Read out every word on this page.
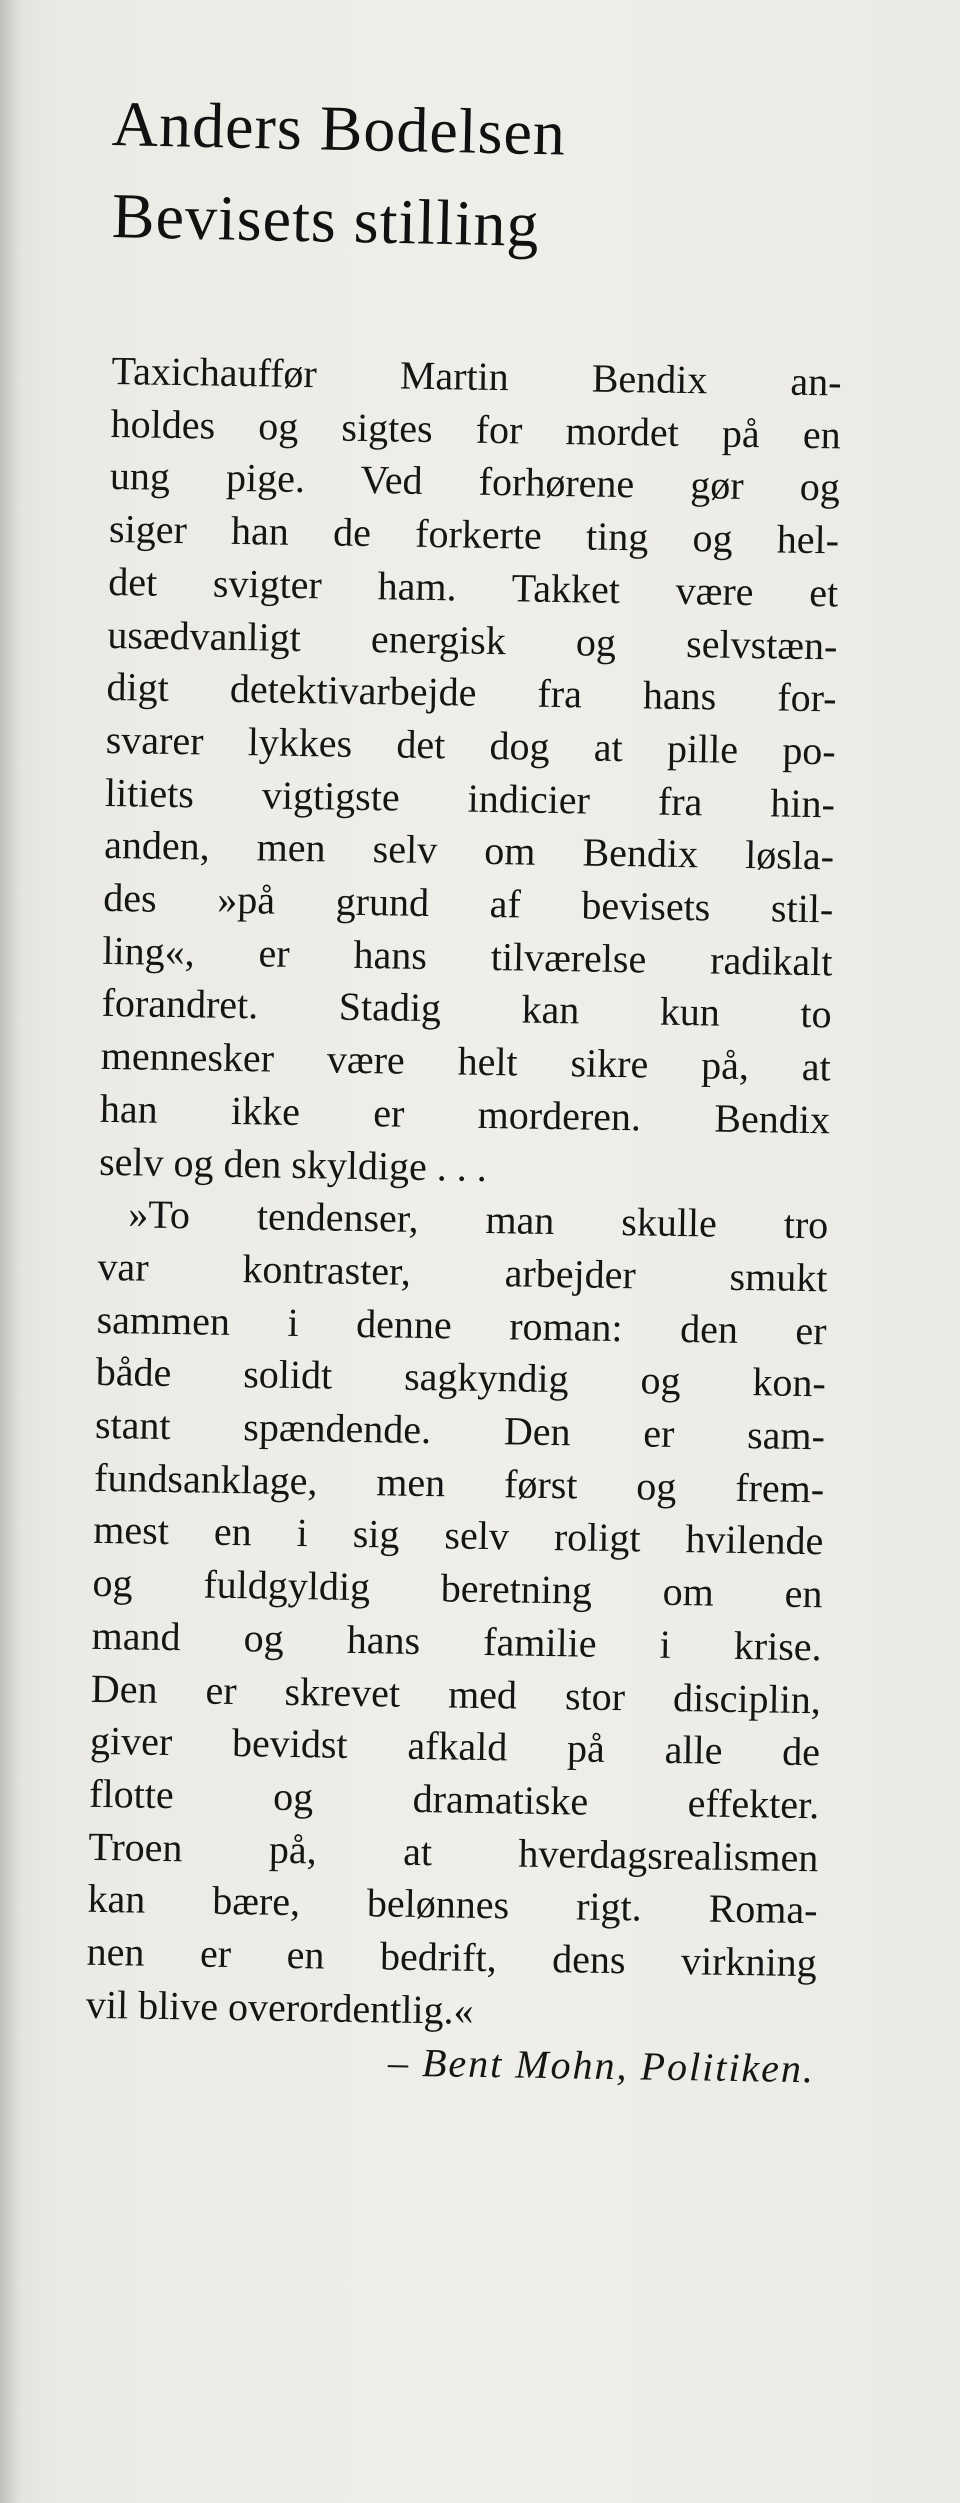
Anders Bodelsen
Bevisets stilling
Taxichauffør Martin Bendix an-
holdes og sigtes for mordet på en
ung pige. Ved forhørene gør og
siger han de forkerte ting og hel-
det svigter ham. Takket være et
usædvanligt energisk og selvstæn-
digt detektivarbejde fra hans for-
svarer lykkes det dog at pille po-
litiets vigtigste indicier fra hin-
anden, men selv om Bendix løsla-
des »på grund af bevisets stil-
ling«, er hans tilværelse radikalt
forandret. Stadig kan kun to
mennesker være helt sikre på, at
han ikke er morderen. Bendix
selv og den skyldige . . .
»To tendenser, man skulle tro
var kontraster, arbejder smukt
sammen i denne roman: den er
både solidt sagkyndig og kon-
stant spændende. Den er sam-
fundsanklage, men først og frem-
mest en i sig selv roligt hvilende
og fuldgyldig beretning om en
mand og hans familie i krise.
Den er skrevet med stor disciplin,
giver bevidst afkald på alle de
flotte og dramatiske effekter.
Troen på, at hverdagsrealismen
kan bære, belønnes rigt. Roma-
nen er en bedrift, dens virkning
vil blive overordentlig.«
– Bent Mohn, Politiken.
